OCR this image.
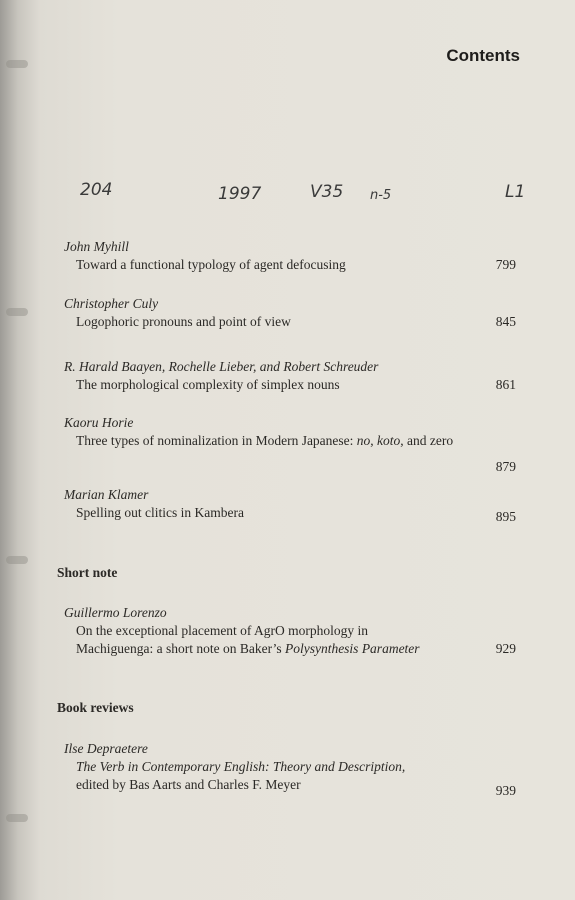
Contents
204	1997	V35 n-5	L1
John Myhill
Toward a functional typology of agent defocusing	799
Christopher Culy
Logophoric pronouns and point of view	845
R. Harald Baayen, Rochelle Lieber, and Robert Schreuder
The morphological complexity of simplex nouns	861
Kaoru Horie
Three types of nominalization in Modern Japanese: no, koto, and zero
879
Marian Klamer
Spelling out clitics in Kambera	895
Short note
Guillermo Lorenzo
On the exceptional placement of AgrO morphology in
Machiguenga: a short note on Baker’s Polysynthesis Parameter	929
Book reviews
Ilse Depraetere
The Verb in Contemporary English: Theory and Description,
edited by Bas Aarts and Charles F. Meyer	939
